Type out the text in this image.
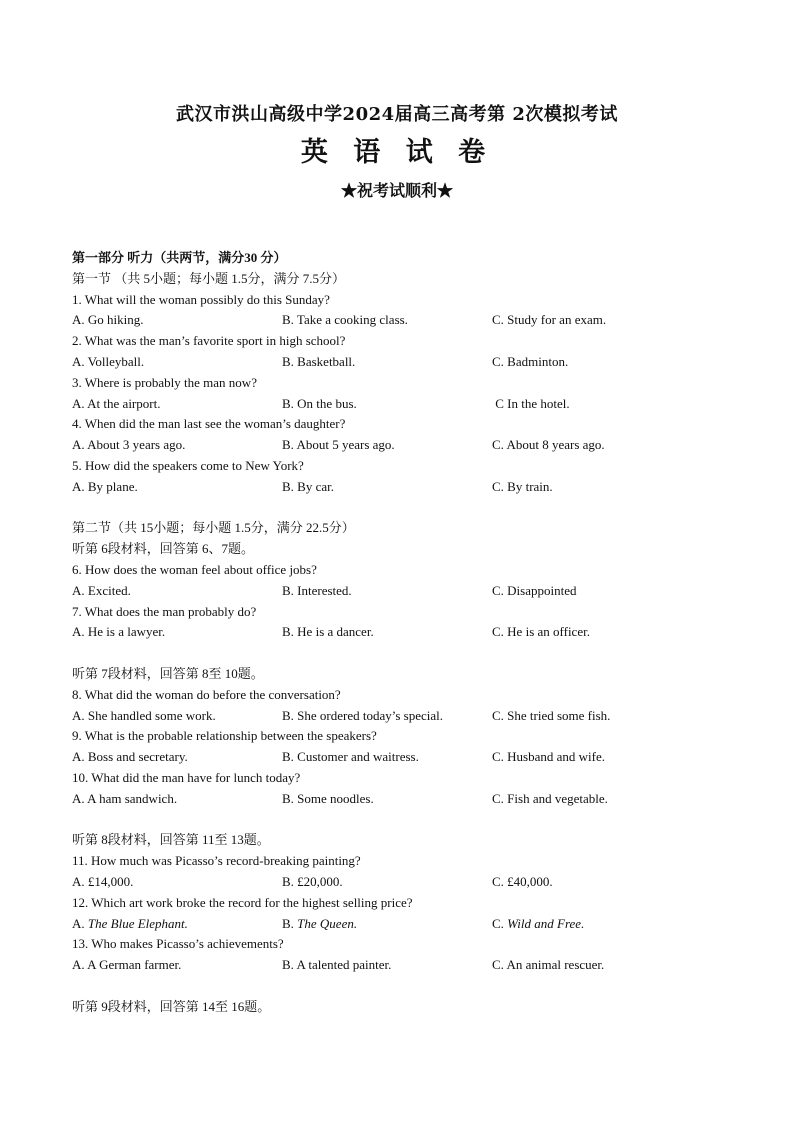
武汉市洪山高级中学2024届高三高考第 2次模拟考试
英 语 试 卷
★祝考试顺利★
第一部分 听力（共两节，满分30 分）
第一节 （共 5小题；每小题 1.5分，满分 7.5分）
1. What will the woman possibly do this Sunday?
A. Go hiking.	B. Take a cooking class.	C. Study for an exam.
2. What was the man’s favorite sport in high school?
A. Volleyball.	B. Basketball.	C. Badminton.
3. Where is probably the man now?
A. At the airport.	B. On the bus.	C In the hotel.
4. When did the man last see the woman’s daughter?
A. About 3 years ago.	B. About 5 years ago.	C. About 8 years ago.
5. How did the speakers come to New York?
A. By plane.	B. By car.	C. By train.
第二节（共 15小题；每小题 1.5分，满分 22.5分）
听第 6段材料，回答第 6、7题。
6. How does the woman feel about office jobs?
A. Excited.	B. Interested.	C. Disappointed
7. What does the man probably do?
A. He is a lawyer.	B. He is a dancer.	C. He is an officer.
听第 7段材料，回答第 8至 10题。
8. What did the woman do before the conversation?
A. She handled some work.	B. She ordered today’s special.	C. She tried some fish.
9. What is the probable relationship between the speakers?
A. Boss and secretary.	B. Customer and waitress.	C. Husband and wife.
10. What did the man have for lunch today?
A. A ham sandwich.	B. Some noodles.	C. Fish and vegetable.
听第 8段材料，回答第 11至 13题。
11. How much was Picasso’s record-breaking painting?
A. £14,000.	B. £20,000.	C. £40,000.
12. Which art work broke the record for the highest selling price?
A. The Blue Elephant.	B. The Queen.	C. Wild and Free.
13. Who makes Picasso’s achievements?
A. A German farmer.	B. A talented painter.	C. An animal rescuer.
听第 9段材料，回答第 14至 16题。
